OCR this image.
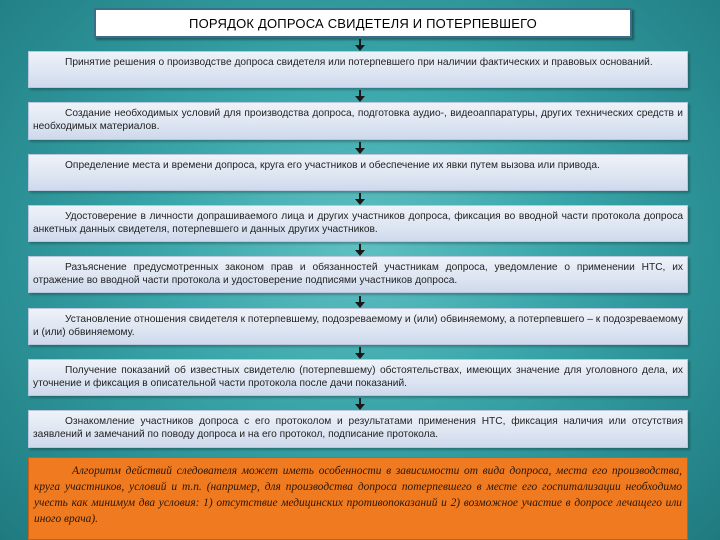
ПОРЯДОК ДОПРОСА СВИДЕТЕЛЯ И ПОТЕРПЕВШЕГО
Принятие решения о производстве допроса свидетеля или потерпевшего при наличии фактических и правовых оснований.
Создание необходимых условий для производства допроса, подготовка аудио-, видеоаппаратуры, других технических средств и необходимых материалов.
Определение места и времени допроса, круга его участников и обеспечение их явки путем вызова или привода.
Удостоверение в личности допрашиваемого лица и других участников допроса, фиксация во вводной части протокола допроса анкетных данных свидетеля, потерпевшего и данных других участников.
Разъяснение предусмотренных законом прав и обязанностей участникам допроса, уведомление о применении НТС, их отражение во вводной части протокола и удостоверение подписями участников допроса.
Установление отношения свидетеля к потерпевшему, подозреваемому и (или) обвиняемому, а потерпевшего – к подозреваемому и (или) обвиняемому.
Получение показаний об известных свидетелю (потерпевшему) обстоятельствах, имеющих значение для уголовного дела, их уточнение и фиксация в описательной части протокола после дачи показаний.
Ознакомление участников допроса с его протоколом и результатами применения НТС, фиксация наличия или отсутствия заявлений и замечаний по поводу допроса и на его протокол, подписание протокола.
Алгоритм действий следователя может иметь особенности в зависимости от вида допроса, места его производства, круга участников, условий и т.п. (например, для производства допроса потерпевшего в месте его госпитализации необходимо учесть как минимум два условия: 1) отсутствие медицинских противопоказаний и 2) возможное участие в допросе лечащего или иного врача).
